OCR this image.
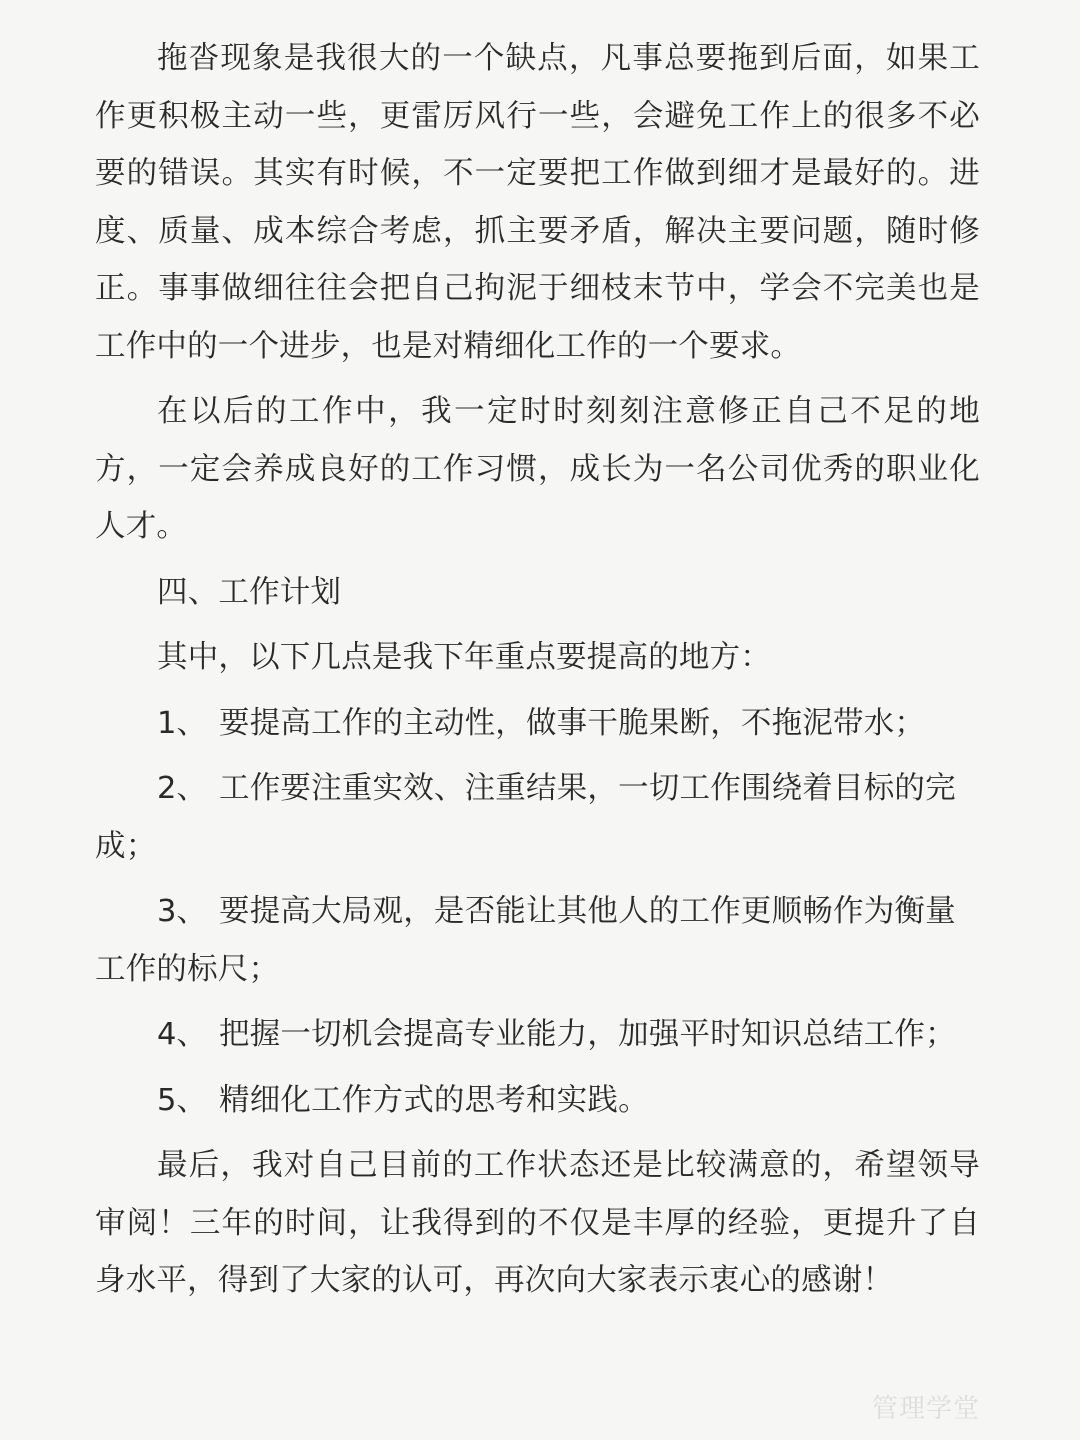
拖沓现象是我很大的一个缺点，凡事总要拖到后面，如果工作更积极主动一些，更雷厉风行一些，会避免工作上的很多不必要的错误。其实有时候，不一定要把工作做到细才是最好的。进度、质量、成本综合考虑，抓主要矛盾，解决主要问题，随时修正。事事做细往往会把自己拘泥于细枝末节中，学会不完美也是工作中的一个进步，也是对精细化工作的一个要求。

在以后的工作中，我一定时时刻刻注意修正自己不足的地方，一定会养成良好的工作习惯，成长为一名公司优秀的职业化人才。

四、工作计划

其中，以下几点是我下年重点要提高的地方：

1、 要提高工作的主动性，做事干脆果断，不拖泥带水；

2、 工作要注重实效、注重结果，一切工作围绕着目标的完成；

3、 要提高大局观，是否能让其他人的工作更顺畅作为衡量工作的标尺；

4、 把握一切机会提高专业能力，加强平时知识总结工作；

5、 精细化工作方式的思考和实践。

最后，我对自己目前的工作状态还是比较满意的，希望领导审阅！三年的时间，让我得到的不仅是丰厚的经验，更提升了自身水平，得到了大家的认可，再次向大家表示衷心的感谢！

管理学堂
